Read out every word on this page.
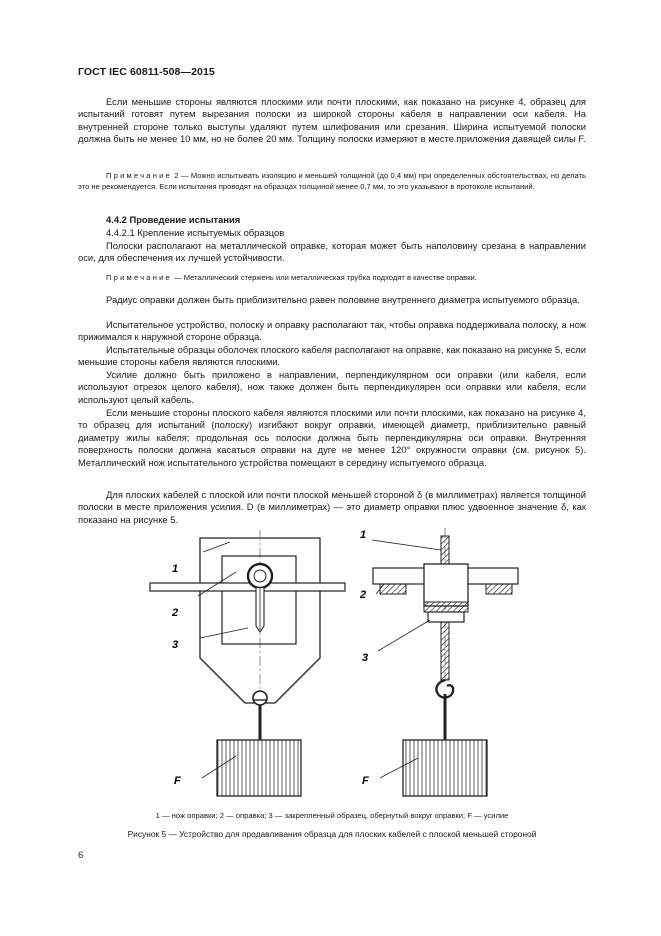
ГОСТ IEC 60811-508—2015

Если меньшие стороны являются плоскими или почти плоскими, как показано на рисунке 4, образец для испытаний готовят путем вырезания полоски из широкой стороны кабеля в направлении оси кабеля. На внутренней стороне только выступы удаляют путем шлифования или срезания. Ширина испытуемой полоски должна быть не менее 10 мм, но не более 20 мм. Толщину полоски измеряют в месте приложения давящей силы F.

Примечание 2 — Можно испытывать изоляцию и меньшей толщиной (до 0,4 мм) при определенных обстоятельствах, но делать это не рекомендуется. Если испытания проводят на образцах толщиной менее 0,7 мм, то это указывают в протоколе испытаний.

4.4.2 Проведение испытания
4.4.2.1 Крепление испытуемых образцов

Полоски располагают на металлической оправке, которая может быть наполовину срезана в направлении оси, для обеспечения их лучшей устойчивости.

Примечание — Металлический стержень или металлическая трубка подходят в качестве оправки.

Радиус оправки должен быть приблизительно равен половине внутреннего диаметра испытуемого образца.

Испытательное устройство, полоску и оправку располагают так, чтобы оправка поддерживала полоску, а нож прижимался к наружной стороне образца.

Испытательные образцы оболочек плоского кабеля располагают на оправке, как показано на рисунке 5, если меньшие стороны кабеля являются плоскими.

Усилие должно быть приложено в направлении, перпендикулярном оси оправки (или кабеля, если используют отрезок целого кабеля), нож также должен быть перпендикулярен оси оправки или кабеля, если используют целый кабель.

Если меньшие стороны плоского кабеля являются плоскими или почти плоскими, как показано на рисунке 4, то образец для испытаний (полоску) изгибают вокруг оправки, имеющей диаметр, приблизительно равный диаметру жилы кабеля; продольная ось полоски должна быть перпендикулярна оси оправки. Внутренняя поверхность полоски должна касаться оправки на дуге не менее 120° окружности оправки (см. рисунок 5). Металлический нож испытательного устройства помещают в середину испытуемого образца.

Для плоских кабелей с плоской или почти плоской меньшей стороной δ (в миллиметрах) является толщиной полоски в месте приложения усилия. D (в миллиметрах) — это диаметр оправки плюс удвоенное значение δ, как показано на рисунке 5.

1
2
3
F
1
2
3
F
1 — нож оправки; 2 — оправка; 3 — закрепленный образец, обернутый вокруг оправки; F — усилие
Рисунок 5 — Устройство для продавливания образца для плоских кабелей с плоской меньшей стороной
6
